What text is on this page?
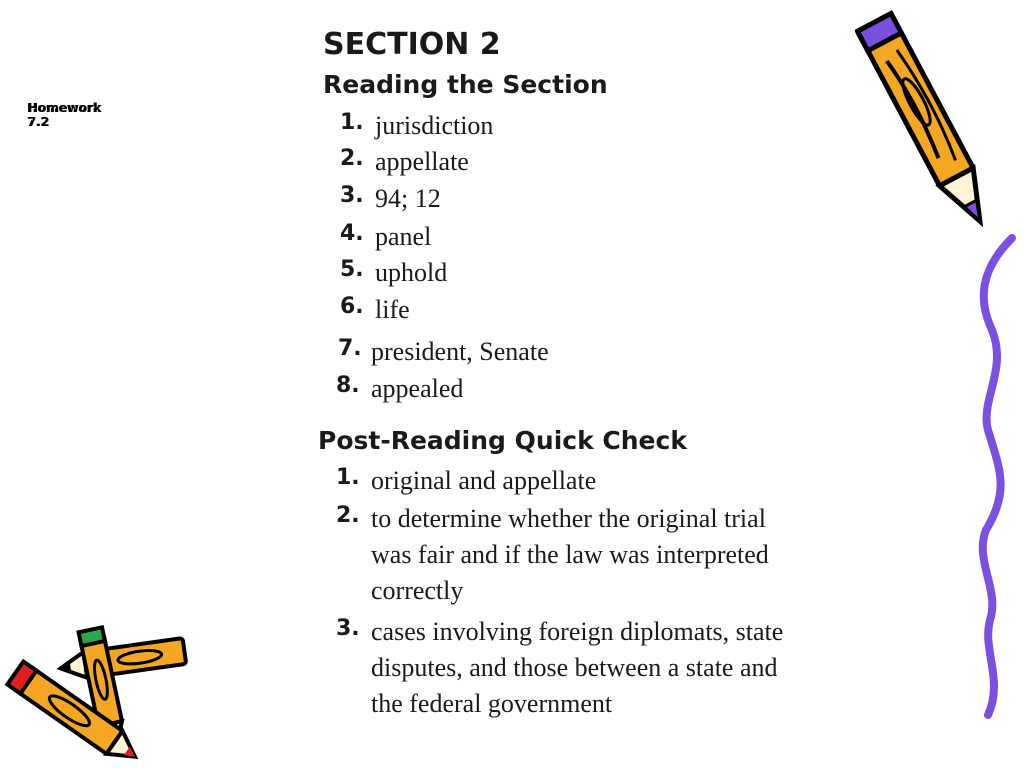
Homework
7.2
SECTION 2
Reading the Section
1. jurisdiction
2. appellate
3. 94; 12
4. panel
5. uphold
6. life
7. president, Senate
8. appealed
Post-Reading Quick Check
1. original and appellate
2. to determine whether the original trial
was fair and if the law was interpreted
correctly
3. cases involving foreign diplomats, state
disputes, and those between a state and
the federal government
